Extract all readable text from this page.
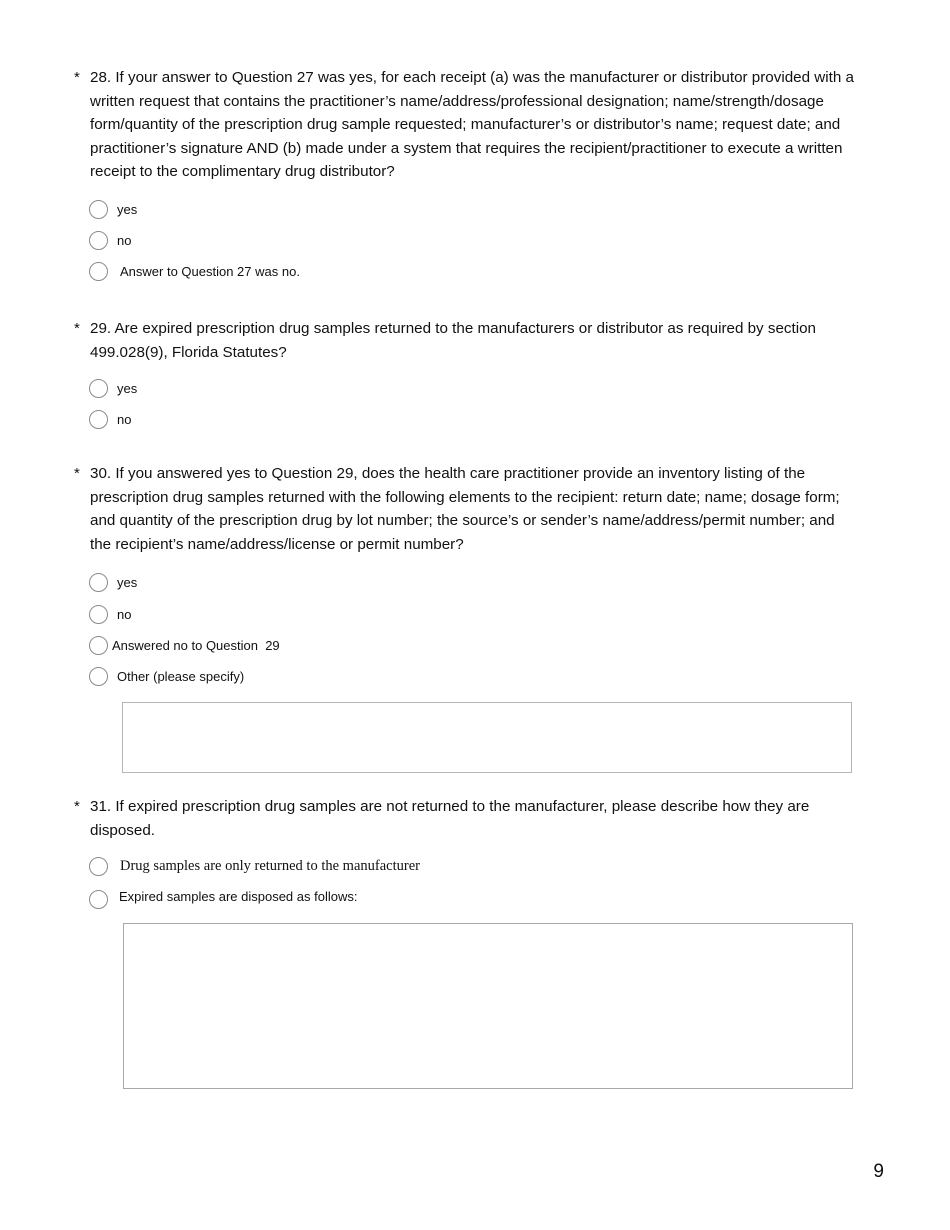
* 28. If your answer to Question 27 was yes, for each receipt (a) was the manufacturer or distributor provided with a written request that contains the practitioner’s name/address/professional designation; name/strength/dosage form/quantity of the prescription drug sample requested; manufacturer’s or distributor’s name; request date; and practitioner’s signature AND (b) made under a system that requires the recipient/practitioner to execute a written receipt to the complimentary drug distributor?
yes
no
Answer to Question 27 was no.
* 29. Are expired prescription drug samples returned to the manufacturers or distributor as required by section 499.028(9), Florida Statutes?
yes
no
* 30. If you answered yes to Question 29, does the health care practitioner provide an inventory listing of the prescription drug samples returned with the following elements to the recipient: return date; name; dosage form; and quantity of the prescription drug by lot number; the source’s or sender’s name/address/permit number; and the recipient’s name/address/license or permit number?
yes
no
Answered no to Question  29
Other (please specify)
* 31. If expired prescription drug samples are not returned to the manufacturer, please describe how they are disposed.
Drug samples are only returned to the manufacturer
Expired samples are disposed as follows:
9
